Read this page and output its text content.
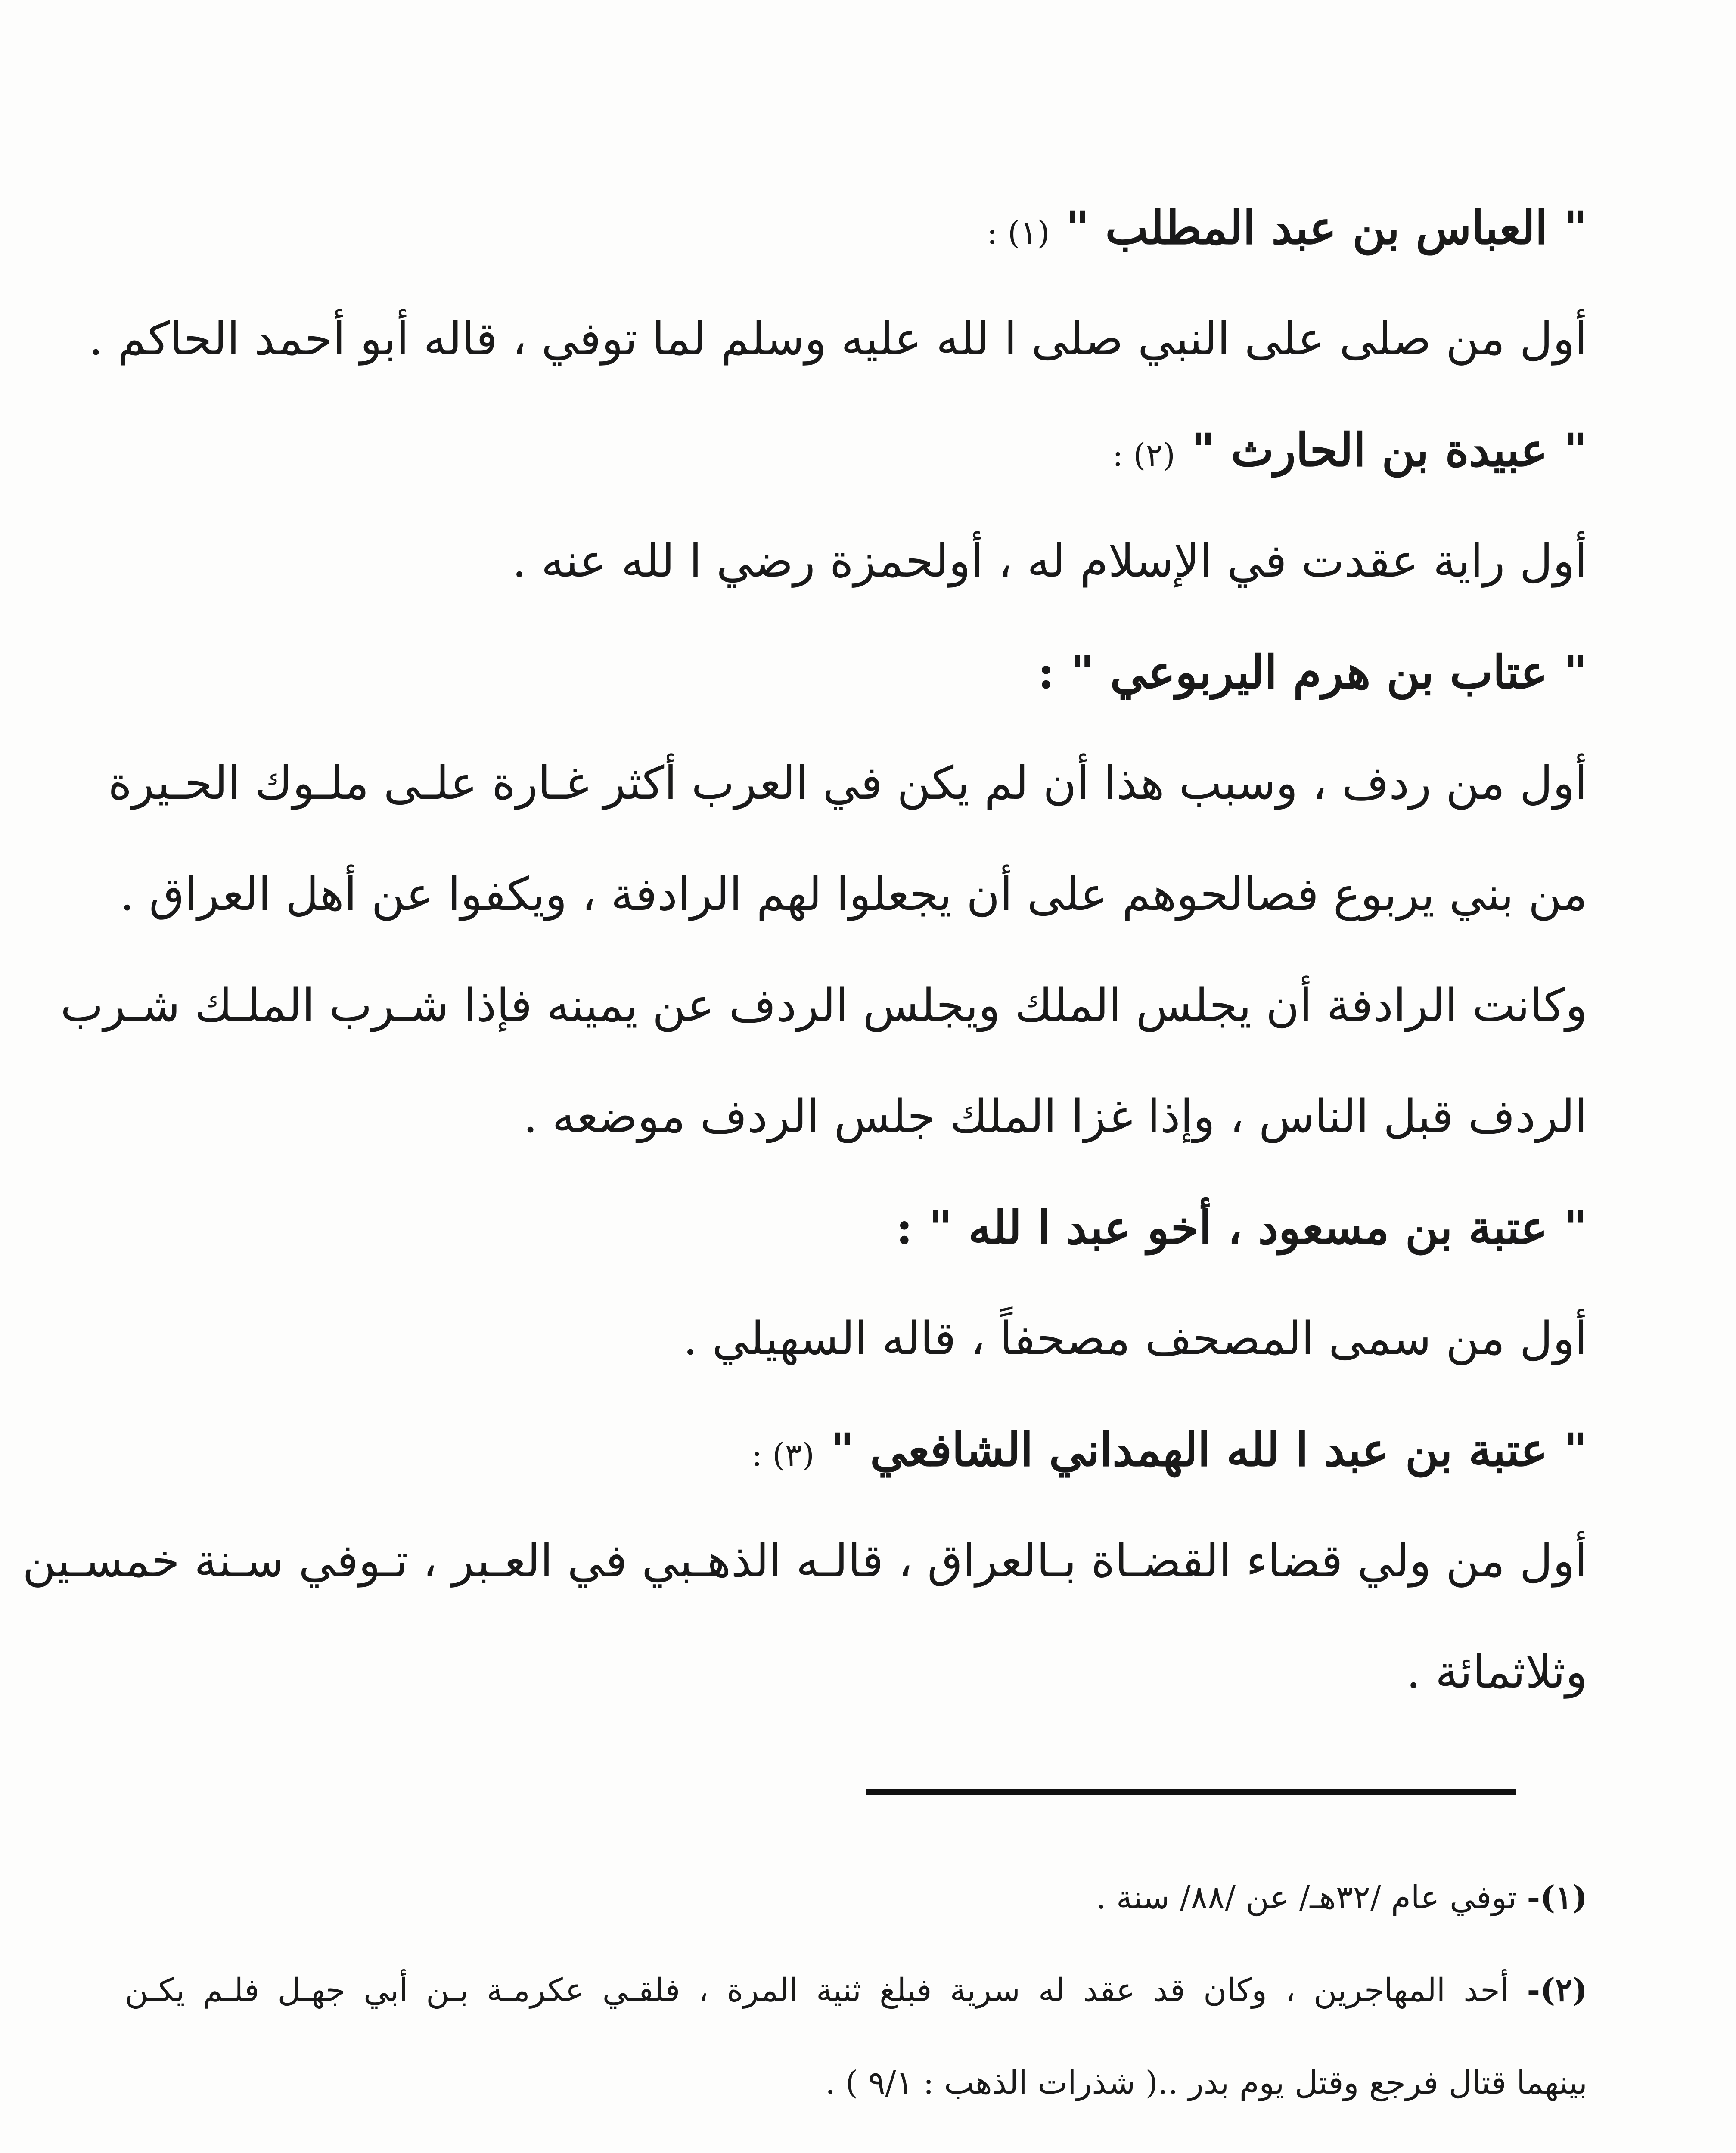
" العباس بن عبد المطلب " (١) :
أول من صلى على النبي صلى ا لله عليه وسلم لما توفي ، قاله أبو أحمد الحاكم .
" عبيدة بن الحارث " (٢) :
أول راية عقدت في الإسلام له ، أولحمزة رضي ا لله عنه .
" عتاب بن هرم اليربوعي " :
أول من ردف ، وسبب هذا أن لم يكن في العرب أكثر غـارة علـى ملـوك الحـيرة
من بني يربوع فصالحوهم على أن يجعلوا لهم الرادفة ، ويكفوا عن أهل العراق .
وكانت الرادفة أن يجلس الملك ويجلس الردف عن يمينه فإذا شـرب الملـك شـرب
الردف قبل الناس ، وإذا غزا الملك جلس الردف موضعه .
" عتبة بن مسعود ، أخو عبد ا لله " :
أول من سمى المصحف مصحفاً ، قاله السهيلي .
" عتبة بن عبد ا لله الهمداني الشافعي " (٣) :
أول من ولي قضاء القضـاة بـالعراق ، قالـه الذهـبي في العـبر ، تـوفي سـنة خمسـين
وثلاثمائة .
(١)- توفي عام /٣٢هـ/ عن /٨٨/ سنة .
(٢)- أحد المهاجرين ، وكان قد عقد له سرية فبلغ ثنية المرة ، فلقـي عكرمـة بـن أبي جهـل فلـم يكـن
بينهما قتال فرجع وقتل يوم بدر ..( شذرات الذهب : ٩/١ ) .
